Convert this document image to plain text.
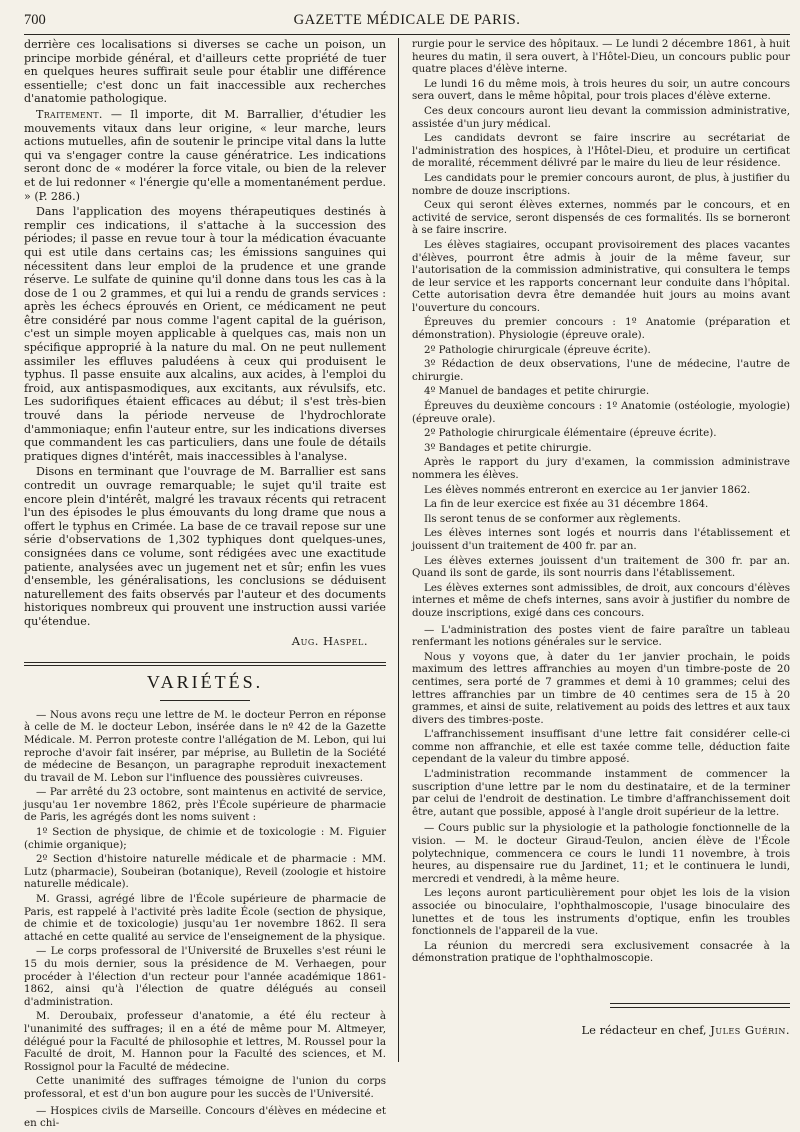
700	GAZETTE MÉDICALE DE PARIS.

derrière ces localisations si diverses se cache un poison, un principe morbide général, et d'ailleurs cette propriété de tuer en quelques heures suffirait seule pour établir une différence essentielle; c'est donc un fait inaccessible aux recherches d'anatomie pathologique.

Traitement. — Il importe, dit M. Barrallier, d'étudier les mouvements vitaux dans leur origine, « leur marche, leurs actions mutuelles, afin de soutenir le principe vital dans la lutte qui va s'engager contre la cause génératrice. Les indications seront donc de « modérer la force vitale, ou bien de la relever et de lui redonner « l'énergie qu'elle a momentanément perdue. » (P. 286.)

Dans l'application des moyens thérapeutiques destinés à remplir ces indications, il s'attache à la succession des périodes; il passe en revue tour à tour la médication évacuante qui est utile dans certains cas; les émissions sanguines qui nécessitent dans leur emploi de la prudence et une grande réserve. Le sulfate de quinine qu'il donne dans tous les cas à la dose de 1 ou 2 grammes, et qui lui a rendu de grands services : après les échecs éprouvés en Orient, ce médicament ne peut être considéré par nous comme l'agent capital de la guérison, c'est un simple moyen applicable à quelques cas, mais non un spécifique approprié à la nature du mal. On ne peut nullement assimiler les effluves paludéens à ceux qui produisent le typhus. Il passe ensuite aux alcalins, aux acides, à l'emploi du froid, aux antispasmodiques, aux excitants, aux révulsifs, etc. Les sudorifiques étaient efficaces au début; il s'est très-bien trouvé dans la période nerveuse de l'hydrochlorate d'ammoniaque; enfin l'auteur entre, sur les indications diverses que commandent les cas particuliers, dans une foule de détails pratiques dignes d'intérêt, mais inaccessibles à l'analyse.

Disons en terminant que l'ouvrage de M. Barrallier est sans contredit un ouvrage remarquable; le sujet qu'il traite est encore plein d'intérêt, malgré les travaux récents qui retracent l'un des épisodes le plus émouvants du long drame que nous a offert le typhus en Crimée. La base de ce travail repose sur une série d'observations de 1,302 typhiques dont quelques-unes, consignées dans ce volume, sont rédigées avec une exactitude patiente, analysées avec un jugement net et sûr; enfin les vues d'ensemble, les généralisations, les conclusions se déduisent naturellement des faits observés par l'auteur et des documents historiques nombreux qui prouvent une instruction aussi variée qu'étendue.

Aug. Haspel.
VARIÉTÉS.

— Nous avons reçu une lettre de M. le docteur Perron en réponse à celle de M. le docteur Lebon, insérée dans le nº 42 de la Gazette Médicale. M. Perron proteste contre l'allégation de M. Lebon, qui lui reproche d'avoir fait insérer, par méprise, au Bulletin de la Société de médecine de Besançon, un paragraphe reproduit inexactement du travail de M. Lebon sur l'influence des poussières cuivreuses.

— Par arrêté du 23 octobre, sont maintenus en activité de service, jusqu'au 1er novembre 1862, près l'École supérieure de pharmacie de Paris, les agrégés dont les noms suivent :

1º Section de physique, de chimie et de toxicologie : M. Figuier (chimie organique);

2º Section d'histoire naturelle médicale et de pharmacie : MM. Lutz (pharmacie), Soubeiran (botanique), Reveil (zoologie et histoire naturelle médicale).

M. Grassi, agrégé libre de l'École supérieure de pharmacie de Paris, est rappelé à l'activité près ladite École (section de physique, de chimie et de toxicologie) jusqu'au 1er novembre 1862. Il sera attaché en cette qualité au service de l'enseignement de la physique.

— Le corps professoral de l'Université de Bruxelles s'est réuni le 15 du mois dernier, sous la présidence de M. Verhaegen, pour procéder à l'élection d'un recteur pour l'année académique 1861-1862, ainsi qu'à l'élection de quatre délégués au conseil d'administration.

M. Deroubaix, professeur d'anatomie, a été élu recteur à l'unanimité des suffrages; il en a été de même pour M. Altmeyer, délégué pour la Faculté de philosophie et lettres, M. Roussel pour la Faculté de droit, M. Hannon pour la Faculté des sciences, et M. Rossignol pour la Faculté de médecine.

Cette unanimité des suffrages témoigne de l'union du corps professoral, et est d'un bon augure pour les succès de l'Université.

— Hospices civils de Marseille. Concours d'élèves en médecine et en chi-

rurgie pour le service des hôpitaux. — Le lundi 2 décembre 1861, à huit heures du matin, il sera ouvert, à l'Hôtel-Dieu, un concours public pour quatre places d'élève interne.

Le lundi 16 du même mois, à trois heures du soir, un autre concours sera ouvert, dans le même hôpital, pour trois places d'élève externe.

Ces deux concours auront lieu devant la commission administrative, assistée d'un jury médical.

Les candidats devront se faire inscrire au secrétariat de l'administration des hospices, à l'Hôtel-Dieu, et produire un certificat de moralité, récemment délivré par le maire du lieu de leur résidence.

Les candidats pour le premier concours auront, de plus, à justifier du nombre de douze inscriptions.

Ceux qui seront élèves externes, nommés par le concours, et en activité de service, seront dispensés de ces formalités. Ils se borneront à se faire inscrire.

Les élèves stagiaires, occupant provisoirement des places vacantes d'élèves, pourront être admis à jouir de la même faveur, sur l'autorisation de la commission administrative, qui consultera le temps de leur service et les rapports concernant leur conduite dans l'hôpital. Cette autorisation devra être demandée huit jours au moins avant l'ouverture du concours.

Épreuves du premier concours : 1º Anatomie (préparation et démonstration). Physiologie (épreuve orale).

2º Pathologie chirurgicale (épreuve écrite).

3º Rédaction de deux observations, l'une de médecine, l'autre de chirurgie.

4º Manuel de bandages et petite chirurgie.

Épreuves du deuxième concours : 1º Anatomie (ostéologie, myologie) (épreuve orale).

2º Pathologie chirurgicale élémentaire (épreuve écrite).

3º Bandages et petite chirurgie.

Après le rapport du jury d'examen, la commission administrave nommera les élèves.

Les élèves nommés entreront en exercice au 1er janvier 1862.

La fin de leur exercice est fixée au 31 décembre 1864.

Ils seront tenus de se conformer aux règlements.

Les élèves internes sont logés et nourris dans l'établissement et jouissent d'un traitement de 400 fr. par an.

Les élèves externes jouissent d'un traitement de 300 fr. par an. Quand ils sont de garde, ils sont nourris dans l'établissement.

Les élèves externes sont admissibles, de droit, aux concours d'élèves internes et même de chefs internes, sans avoir à justifier du nombre de douze inscriptions, exigé dans ces concours.

— L'administration des postes vient de faire paraître un tableau renfermant les notions générales sur le service.

Nous y voyons que, à dater du 1er janvier prochain, le poids maximum des lettres affranchies au moyen d'un timbre-poste de 20 centimes, sera porté de 7 grammes et demi à 10 grammes; celui des lettres affranchies par un timbre de 40 centimes sera de 15 à 20 grammes, et ainsi de suite, relativement au poids des lettres et aux taux divers des timbres-poste.

L'affranchissement insuffisant d'une lettre fait considérer celle-ci comme non affranchie, et elle est taxée comme telle, déduction faite cependant de la valeur du timbre apposé.

L'administration recommande instamment de commencer la suscription d'une lettre par le nom du destinataire, et de la terminer par celui de l'endroit de destination. Le timbre d'affranchissement doit être, autant que possible, apposé à l'angle droit supérieur de la lettre.

— Cours public sur la physiologie et la pathologie fonctionnelle de la vision. — M. le docteur Giraud-Teulon, ancien élève de l'École polytechnique, commencera ce cours le lundi 11 novembre, à trois heures, au dispensaire rue du Jardinet, 11; et le continuera le lundi, mercredi et vendredi, à la même heure.

Les leçons auront particulièrement pour objet les lois de la vision associée ou binoculaire, l'ophthalmoscopie, l'usage binoculaire des lunettes et de tous les instruments d'optique, enfin les troubles fonctionnels de l'appareil de la vue.

La réunion du mercredi sera exclusivement consacrée à la démonstration pratique de l'ophthalmoscopie.

Le rédacteur en chef, Jules Guérin.
